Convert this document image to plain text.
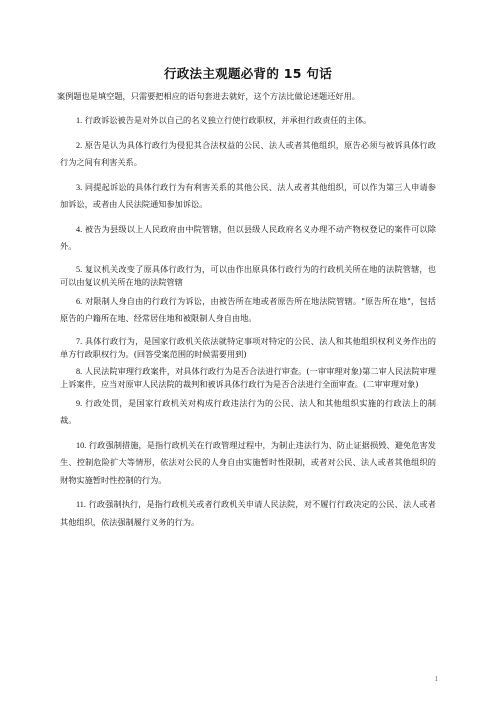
行政法主观题必背的 15 句话

案例题也是填空题，只需要把相应的语句套进去就好，这个方法比做论述题还好用。

1. 行政诉讼被告是对外以自己的名义独立行使行政职权，并承担行政责任的主体。

2. 原告是认为具体行政行为侵犯其合法权益的公民、法人或者其他组织，原告必须与被诉具体行政行为之间有利害关系。

3. 同提起诉讼的具体行政行为有利害关系的其他公民、法人或者其他组织，可以作为第三人申请参加诉讼，或者由人民法院通知参加诉讼。

4. 被告为县级以上人民政府由中院管辖，但以县级人民政府名义办理不动产物权登记的案件可以除外。

5. 复议机关改变了原具体行政行为，可以由作出原具体行政行为的行政机关所在地的法院管辖，也可以由复议机关所在地的法院管辖

6. 对限制人身自由的行政行为诉讼，由被告所在地或者原告所在地法院管辖。"原告所在地"，包括原告的户籍所在地、经常居住地和被限制人身自由地。

7. 具体行政行为，是国家行政机关依法就特定事项对特定的公民、法人和其他组织权利义务作出的单方行政职权行为。(回答受案范围的时候需要用到)

8. 人民法院审理行政案件，对具体行政行为是否合法进行审查。(一审审理对象)第二审人民法院审理上诉案件，应当对原审人民法院的裁判和被诉具体行政行为是否合法进行全面审查。(二审审理对象)

9. 行政处罚，是国家行政机关对构成行政违法行为的公民、法人和其他组织实施的行政法上的制裁。

10. 行政强制措施，是指行政机关在行政管理过程中，为制止违法行为、防止证据损毁、避免危害发生、控制危险扩大等情形，依法对公民的人身自由实施暂时性限制，或者对公民、法人或者其他组织的财物实施暂时性控制的行为。

11. 行政强制执行，是指行政机关或者行政机关申请人民法院，对不履行行政决定的公民、法人或者其他组织，依法强制履行义务的行为。

1
